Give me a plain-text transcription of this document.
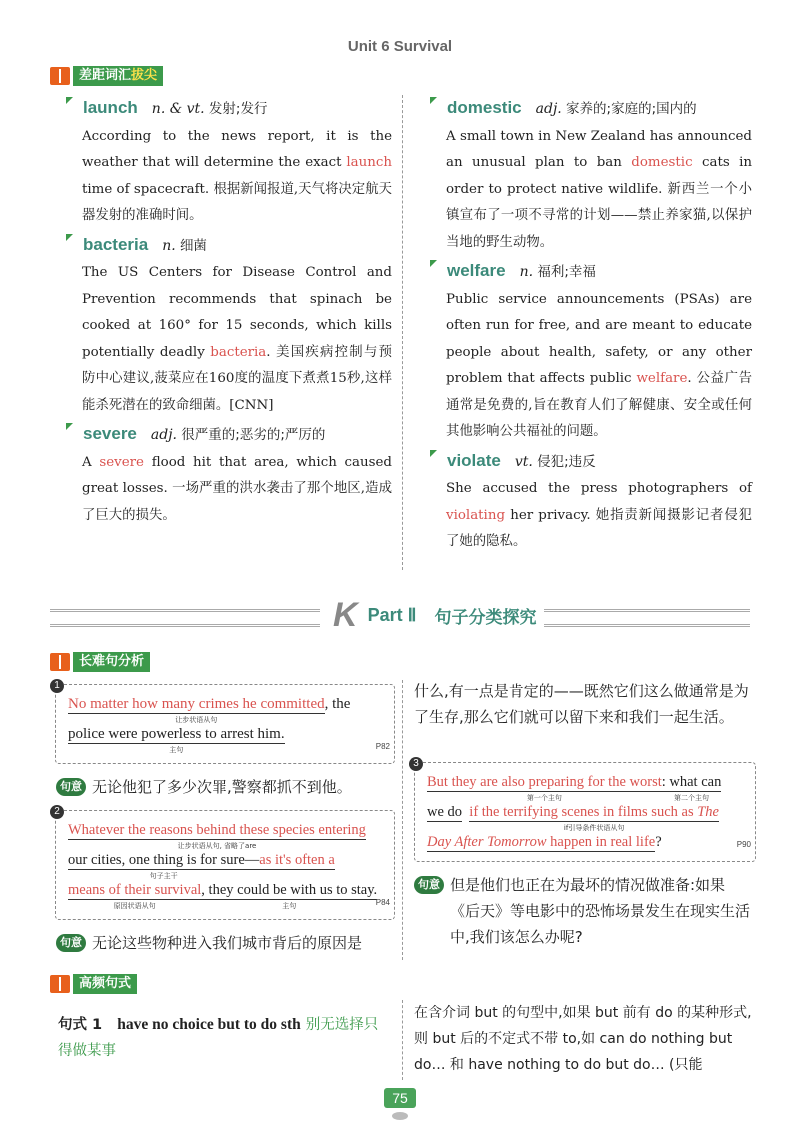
Unit 6 Survival
差距词汇拔尖
launch n. & vt.
发射;发行
According to the news report, it is the weather that will determine the exact launch time of spacecraft. 根据新闻报道,天气将决定航天器发射的准确时间。
bacteria n.
细菌
The US Centers for Disease Control and Prevention recommends that spinach be cooked at 160° for 15 seconds, which kills potentially deadly bacteria. 美国疾病控制与预防中心建议,菠菜应在160度的温度下煮煮15秒,这样能杀死潜在的致命细菌。[CNN]
severe adj.
很严重的;恶劣的;严厉的
A severe flood hit that area, which caused great losses. 一场严重的洪水袭击了那个地区,造成了巨大的损失。
domestic adj.
家养的;家庭的;国内的
A small town in New Zealand has announced an unusual plan to ban domestic cats in order to protect native wildlife. 新西兰一个小镇宣布了一项不寻常的计划——禁止养家猫,以保护当地的野生动物。
welfare n.
福利;幸福
Public service announcements (PSAs) are often run for free, and are meant to educate people about health, safety, or any other problem that affects public welfare. 公益广告通常是免费的,旨在教育人们了解健康、安全或任何其他影响公共福祉的问题。
violate vt.
侵犯;违反
She accused the press photographers of violating her privacy. 她指责新闻摄影记者侵犯了她的隐私。
K Part Ⅱ 句子分类探究
长难句分析
1
No matter how many crimes he committed
让步状语从句
, the
police were powerless to arrest him.
主句	P82
句意 无论他犯了多少次罪,警察都抓不到他。
2
Whatever the reasons behind these species entering
让步状语从句, 省略了are
our cities, one thing is for sure—
句子主干
as it's often a
means of their survival
原因状语从句
, they could be with us to stay.
主句	P84
句意 无论这些物种进入我们城市背后的原因是
什么,有一点是肯定的——既然它们这么做通常是为了生存,那么它们就可以留下来和我们一起生活。
3
But they are also preparing for the worst
第一个主句
: what can
第二个主句
we do if the terrifying scenes in films such as The
if引导条件状语从句
Day After Tomorrow happen in real life?	P90
句意 但是他们也正在为最坏的情况做准备:如果《后天》等电影中的恐怖场景发生在现实生活中,我们该怎么办呢?
高频句式
句式 1 have no choice but to do sth 别无选择只得做某事
在含介词 but 的句型中,如果 but 前有 do 的某种形式,则 but 后的不定式不带 to,如 can do nothing but do… 和 have nothing to do but do… (只能
75
